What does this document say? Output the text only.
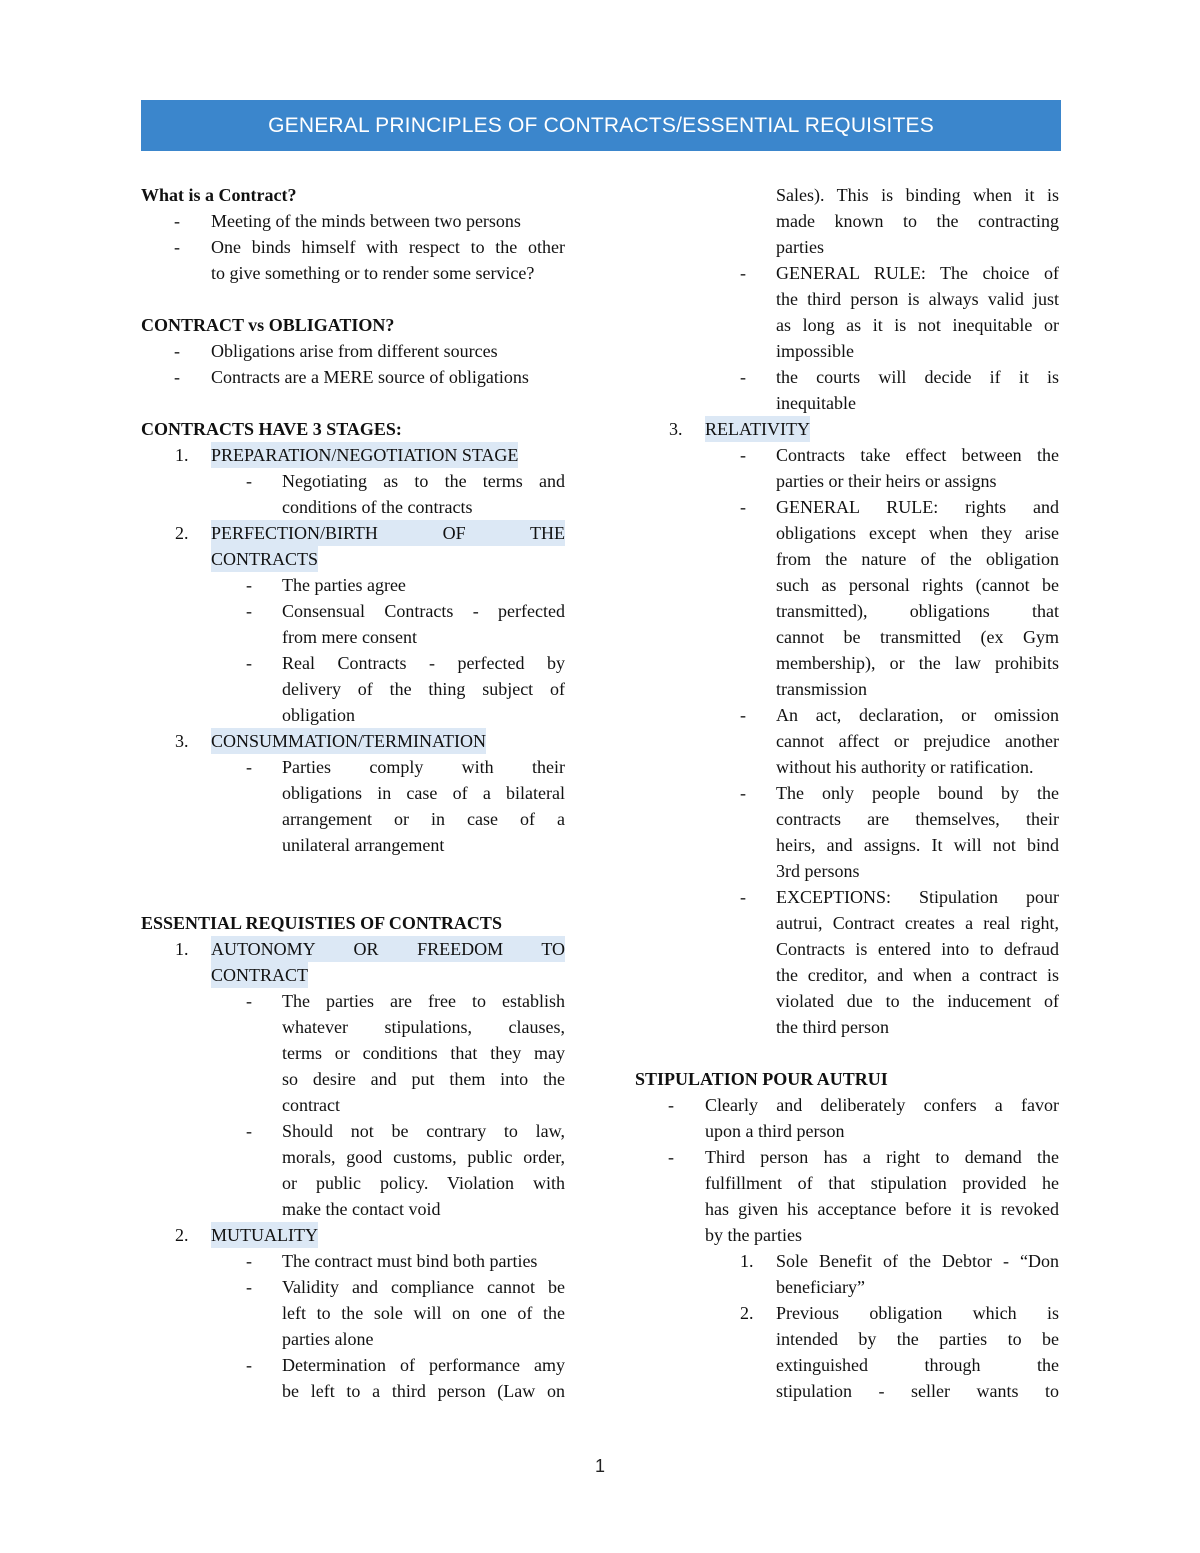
GENERAL PRINCIPLES OF CONTRACTS/ESSENTIAL REQUISITES
What is a Contract?
- Meeting of the minds between two persons
- One binds himself with respect to the other
to give something or to render some service?
CONTRACT vs OBLIGATION?
- Obligations arise from different sources
- Contracts are a MERE source of obligations
CONTRACTS HAVE 3 STAGES:
1. PREPARATION/NEGOTIATION STAGE
- Negotiating as to the terms and
conditions of the contracts
2. PERFECTION/BIRTH OF THE
CONTRACTS
- The parties agree
- Consensual Contracts - perfected
from mere consent
- Real Contracts - perfected by
delivery of the thing subject of
obligation
3. CONSUMMATION/TERMINATION
- Parties comply with their
obligations in case of a bilateral
arrangement or in case of a
unilateral arrangement
ESSENTIAL REQUISTIES OF CONTRACTS
1. AUTONOMY OR FREEDOM TO
CONTRACT
- The parties are free to establish
whatever stipulations, clauses,
terms or conditions that they may
so desire and put them into the
contract
- Should not be contrary to law,
morals, good customs, public order,
or public policy. Violation with
make the contact void
2. MUTUALITY
- The contract must bind both parties
- Validity and compliance cannot be
left to the sole will on one of the
parties alone
- Determination of performance amy
be left to a third person (Law on
Sales). This is binding when it is
made known to the contracting
parties
- GENERAL RULE: The choice of
the third person is always valid just
as long as it is not inequitable or
impossible
- the courts will decide if it is
inequitable
3. RELATIVITY
- Contracts take effect between the
parties or their heirs or assigns
- GENERAL RULE: rights and
obligations except when they arise
from the nature of the obligation
such as personal rights (cannot be
transmitted), obligations that
cannot be transmitted (ex Gym
membership), or the law prohibits
transmission
- An act, declaration, or omission
cannot affect or prejudice another
without his authority or ratification.
- The only people bound by the
contracts are themselves, their
heirs, and assigns. It will not bind
3rd persons
- EXCEPTIONS: Stipulation pour
autrui, Contract creates a real right,
Contracts is entered into to defraud
the creditor, and when a contract is
violated due to the inducement of
the third person
STIPULATION POUR AUTRUI
- Clearly and deliberately confers a favor
upon a third person
- Third person has a right to demand the
fulfillment of that stipulation provided he
has given his acceptance before it is revoked
by the parties
1. Sole Benefit of the Debtor - “Don
beneficiary”
2. Previous obligation which is
intended by the parties to be
extinguished through the
stipulation - seller wants to
1
